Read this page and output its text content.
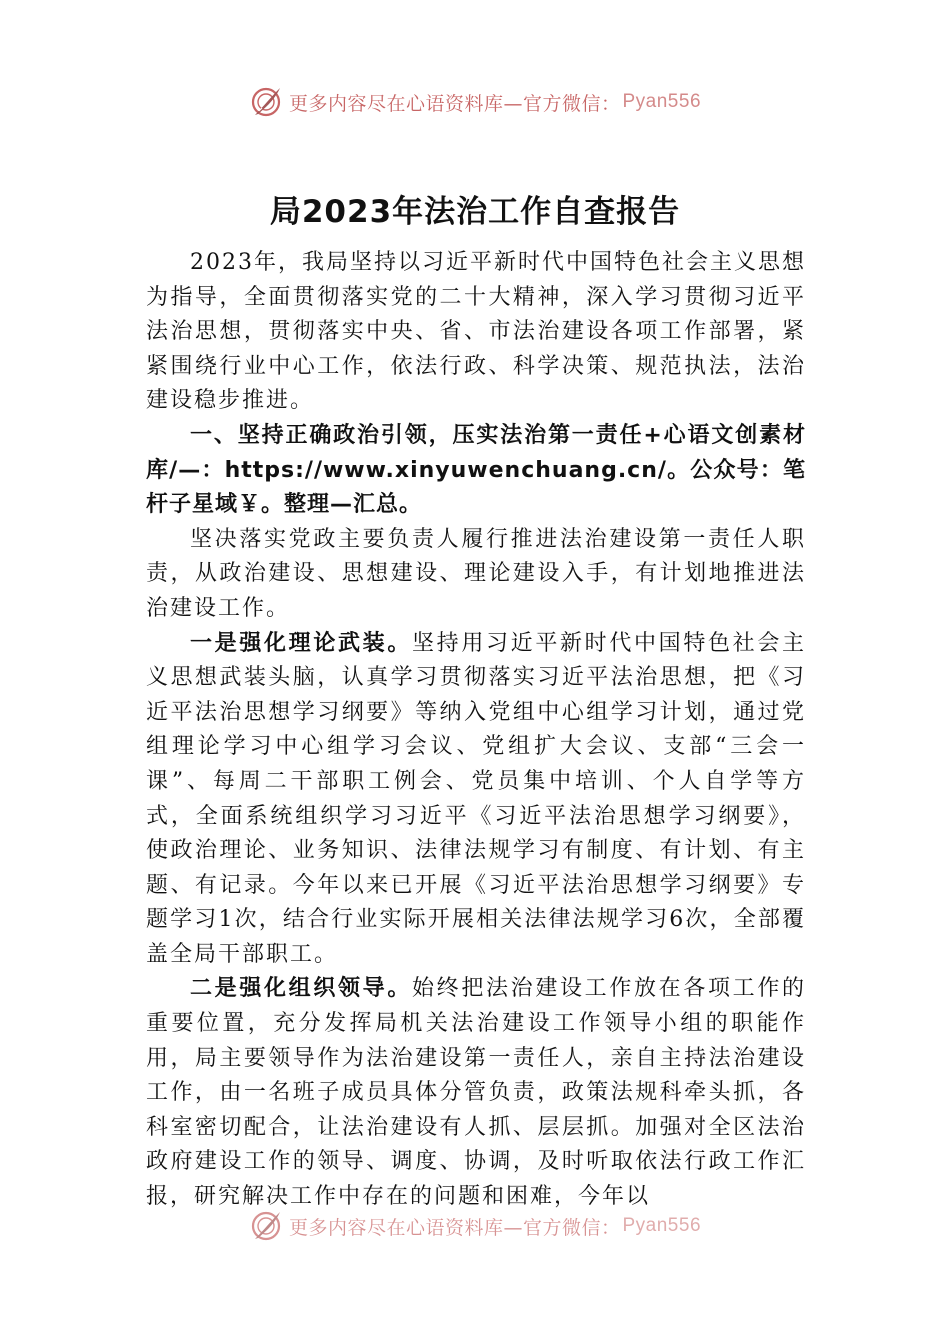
更多内容尽在心语资料库—官方微信： Pyan556
局2023年法治工作自查报告

2023年，我局坚持以习近平新时代中国特色社会主义思想为指导，全面贯彻落实党的二十大精神，深入学习贯彻习近平法治思想，贯彻落实中央、省、市法治建设各项工作部署，紧紧围绕行业中心工作，依法行政、科学决策、规范执法，法治建设稳步推进。

一、坚持正确政治引领，压实法治第一责任+心语文创素材库/—：https://www.xinyuwenchuang.cn/。公众号：笔杆子星域￥。整理—汇总。

坚决落实党政主要负责人履行推进法治建设第一责任人职责，从政治建设、思想建设、理论建设入手，有计划地推进法治建设工作。

一是强化理论武装。坚持用习近平新时代中国特色社会主义思想武装头脑，认真学习贯彻落实习近平法治思想，把《习近平法治思想学习纲要》等纳入党组中心组学习计划，通过党组理论学习中心组学习会议、党组扩大会议、支部“三会一课”、每周二干部职工例会、党员集中培训、个人自学等方式，全面系统组织学习习近平《习近平法治思想学习纲要》，使政治理论、业务知识、法律法规学习有制度、有计划、有主题、有记录。今年以来已开展《习近平法治思想学习纲要》专题学习1次，结合行业实际开展相关法律法规学习6次，全部覆盖全局干部职工。

二是强化组织领导。始终把法治建设工作放在各项工作的重要位置，充分发挥局机关法治建设工作领导小组的职能作用，局主要领导作为法治建设第一责任人，亲自主持法治建设工作，由一名班子成员具体分管负责，政策法规科牵头抓，各科室密切配合，让法治建设有人抓、层层抓。加强对全区法治政府建设工作的领导、调度、协调，及时听取依法行政工作汇报，研究解决工作中存在的问题和困难，今年以

更多内容尽在心语资料库—官方微信： Pyan556
